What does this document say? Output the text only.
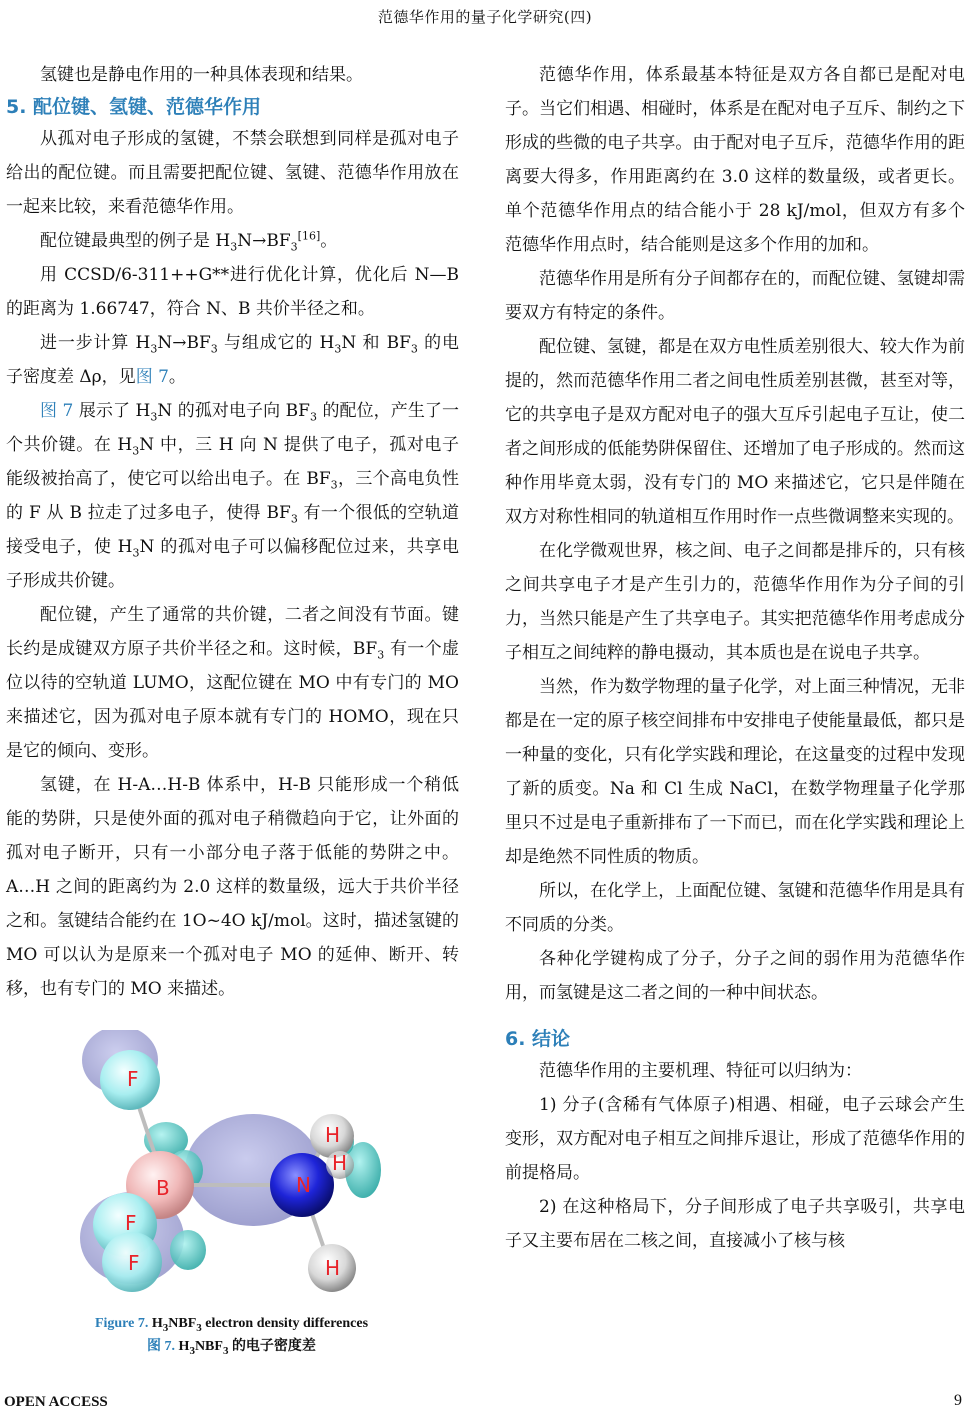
范德华作用的量子化学研究(四)

氢键也是静电作用的一种具体表现和结果。

5. 配位键、氢键、范德华作用

从孤对电子形成的氢键，不禁会联想到同样是孤对电子给出的配位键。而且需要把配位键、氢键、范德华作用放在一起来比较，来看范德华作用。

配位键最典型的例子是 $H_3N\to BF_3[16]$。

用 CCSD/6-311++G**进行优化计算，优化后 N—B 的距离为 1.66747，符合 N、B 共价半径之和。

进一步计算 $H_3N\to BF_3$ 与组成它的 $H_3N$ 和 $BF_3$ 的电子密度差 Δρ，见图 7。

图 7 展示了 $H_3N$ 的孤对电子向 $BF_3$ 的配位，产生了一个共价键。在 $H_3N$ 中，三 H 向 N 提供了电子，孤对电子能级被抬高了，使它可以给出电子。在 $BF_3$，三个高电负性的 F 从 B 拉走了过多电子，使得 $BF_3$ 有一个很低的空轨道接受电子，使 $H_3N$ 的孤对电子可以偏移配位过来，共享电子形成共价键。

配位键，产生了通常的共价键，二者之间没有节面。键长约是成键双方原子共价半径之和。这时候，$BF_3$ 有一个虚位以待的空轨道 LUMO，这配位键在 MO 中有专门的 MO 来描述它，因为孤对电子原本就有专门的 HOMO，现在只是它的倾向、变形。

氢键，在 H-A…H-B 体系中，H-B 只能形成一个稍低能的势阱，只是使外面的孤对电子稍微趋向于它，让外面的孤对电子断开，只有一小部分电子落于低能的势阱之中。A…H 之间的距离约为 2.0 这样的数量级，远大于共价半径之和。氢键结合能约在 1O~4O kJ/mol。这时，描述氢键的 MO 可以认为是原来一个孤对电子 MO 的延伸、断开、转移，也有专门的 MO 来描述。

F
B
F
F
N
H
H
H
Figure 7. $H_3NBF_3$ electron density differences
图 7. $H_3NBF_3$ 的电子密度差

范德华作用，体系最基本特征是双方各自都已是配对电子。当它们相遇、相碰时，体系是在配对电子互斥、制约之下形成的些微的电子共享。由于配对电子互斥，范德华作用的距离要大得多，作用距离约在 3.0 这样的数量级，或者更长。单个范德华作用点的结合能小于 28 kJ/mol，但双方有多个范德华作用点时，结合能则是这多个作用的加和。

范德华作用是所有分子间都存在的，而配位键、氢键却需要双方有特定的条件。

配位键、氢键，都是在双方电性质差别很大、较大作为前提的，然而范德华作用二者之间电性质差别甚微，甚至对等，它的共享电子是双方配对电子的强大互斥引起电子互让，使二者之间形成的低能势阱保留住、还增加了电子形成的。然而这种作用毕竟太弱，没有专门的 MO 来描述它，它只是伴随在双方对称性相同的轨道相互作用时作一点些微调整来实现的。

在化学微观世界，核之间、电子之间都是排斥的，只有核之间共享电子才是产生引力的，范德华作用作为分子间的引力，当然只能是产生了共享电子。其实把范德华作用考虑成分子相互之间纯粹的静电摄动，其本质也是在说电子共享。

当然，作为数学物理的量子化学，对上面三种情况，无非都是在一定的原子核空间排布中安排电子使能量最低，都只是一种量的变化，只有化学实践和理论，在这量变的过程中发现了新的质变。Na 和 Cl 生成 NaCl，在数学物理量子化学那里只不过是电子重新排布了一下而已，而在化学实践和理论上却是绝然不同性质的物质。

所以，在化学上，上面配位键、氢键和范德华作用是具有不同质的分类。

各种化学键构成了分子，分子之间的弱作用为范德华作用，而氢键是这二者之间的一种中间状态。

6. 结论

范德华作用的主要机理、特征可以归纳为：

1) 分子(含稀有气体原子)相遇、相碰，电子云球会产生变形，双方配对电子相互之间排斥退让，形成了范德华作用的前提格局。

2) 在这种格局下，分子间形成了电子共享吸引，共享电子又主要布居在二核之间，直接减小了核与核

OPEN ACCESS	9
